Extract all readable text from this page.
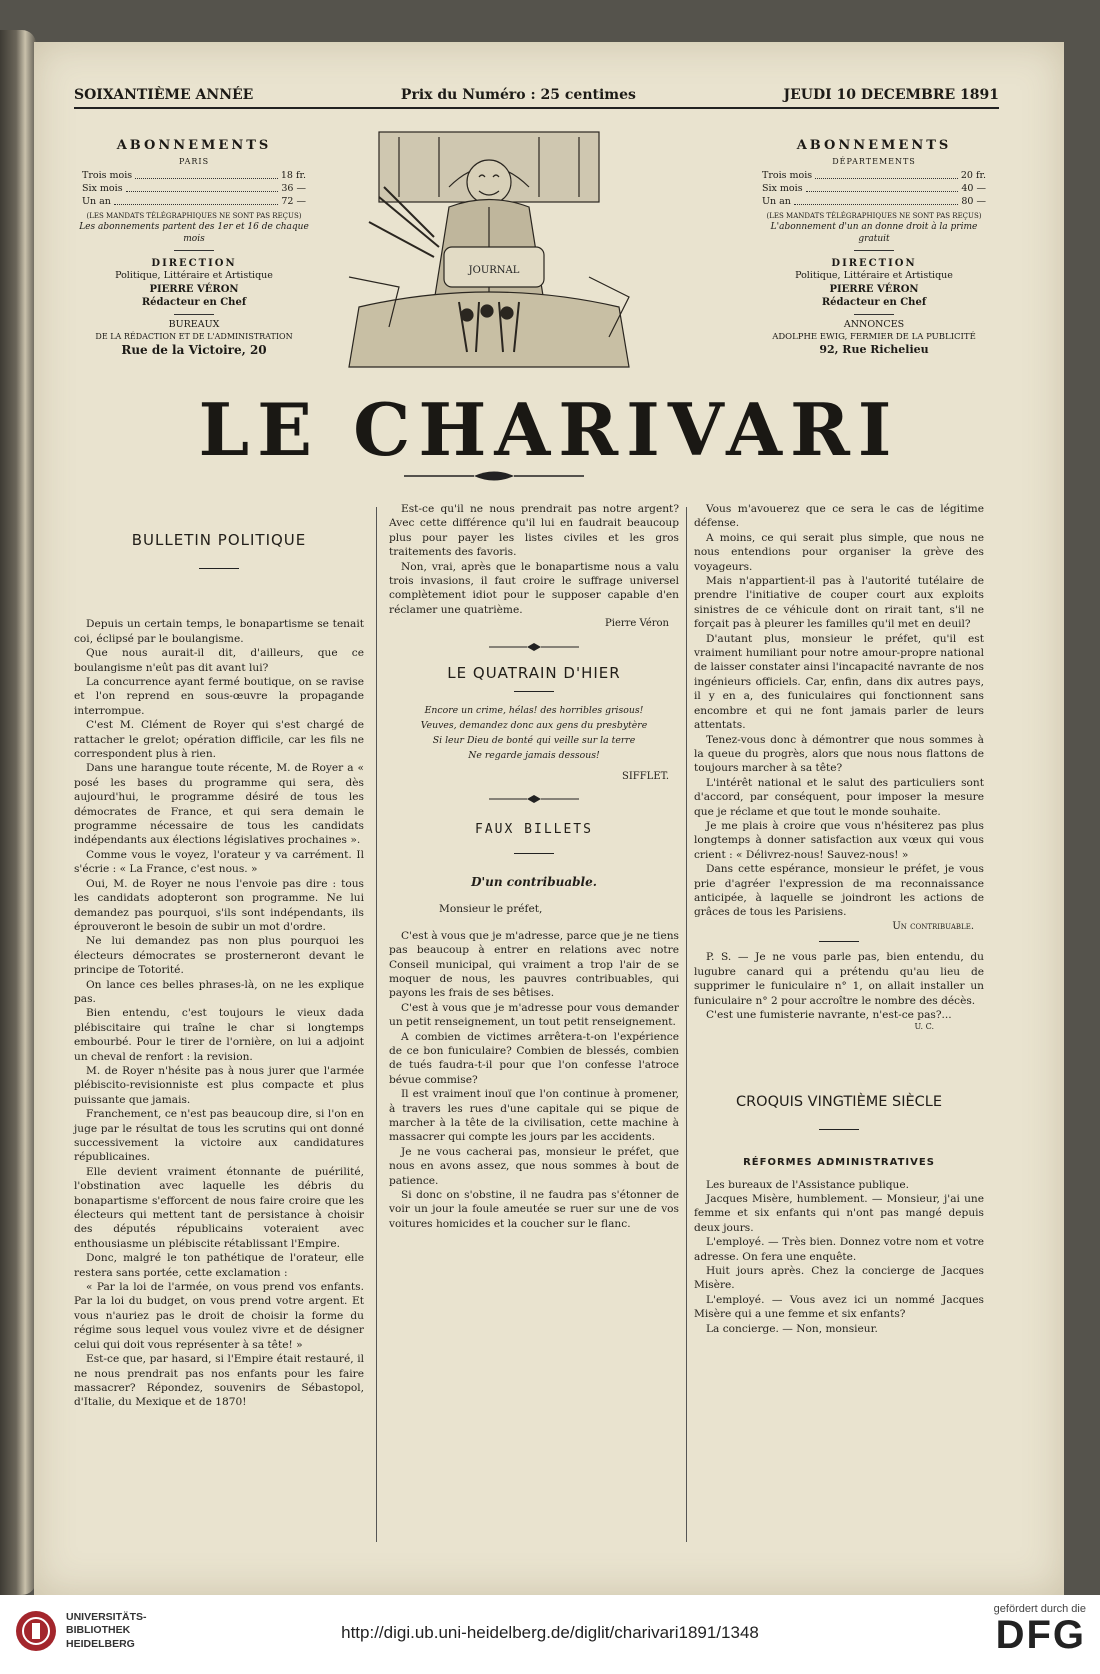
SOIXANTIÈME ANNÉE	Prix du Numéro : 25 centimes	JEUDI 10 DECEMBRE 1891
ABONNEMENTS
PARIS
Trois mois	18 fr.
Six mois	36 —
Un an	72 —
(LES MANDATS TÉLÉGRAPHIQUES NE SONT PAS REÇUS)
Les abonnements partent des 1er et 16 de chaque mois
DIRECTION
Politique, Littéraire et Artistique
PIERRE VÉRON
Rédacteur en Chef
BUREAUX
DE LA RÉDACTION ET DE L'ADMINISTRATION
Rue de la Victoire, 20
ABONNEMENTS
DÉPARTEMENTS
Trois mois	20 fr.
Six mois	40 —
Un an	80 —
(LES MANDATS TÉLÉGRAPHIQUES NE SONT PAS REÇUS)
L'abonnement d'un an donne droit à la prime gratuit
DIRECTION
Politique, Littéraire et Artistique
PIERRE VÉRON
Rédacteur en Chef
ANNONCES
ADOLPHE EWIG, FERMIER DE LA PUBLICITÉ
92, Rue Richelieu
JOURNAL
LE CHARIVARI
BULLETIN POLITIQUE

Depuis un certain temps, le bonapartisme se tenait coi, éclipsé par le boulangisme.

Que nous aurait-il dit, d'ailleurs, que ce boulangisme n'eût pas dit avant lui?

La concurrence ayant fermé boutique, on se ravise et l'on reprend en sous-œuvre la propagande interrompue.

C'est M. Clément de Royer qui s'est chargé de rattacher le grelot; opération difficile, car les fils ne correspondent plus à rien.

Dans une harangue toute récente, M. de Royer a « posé les bases du programme qui sera, dès aujourd'hui, le programme désiré de tous les démocrates de France, et qui sera demain le programme nécessaire de tous les candidats indépendants aux élections législatives prochaines ».

Comme vous le voyez, l'orateur y va carrément. Il s'écrie : « La France, c'est nous. »

Oui, M. de Royer ne nous l'envoie pas dire : tous les candidats adopteront son programme. Ne lui demandez pas pourquoi, s'ils sont indépendants, ils éprouveront le besoin de subir un mot d'ordre.

Ne lui demandez pas non plus pourquoi les électeurs démocrates se prosterneront devant le principe de Totorité.

On lance ces belles phrases-là, on ne les explique pas.

Bien entendu, c'est toujours le vieux dada plébiscitaire qui traîne le char si longtemps embourbé. Pour le tirer de l'ornière, on lui a adjoint un cheval de renfort : la revision.

M. de Royer n'hésite pas à nous jurer que l'armée plébiscito-revisionniste est plus compacte et plus puissante que jamais.

Franchement, ce n'est pas beaucoup dire, si l'on en juge par le résultat de tous les scrutins qui ont donné successivement la victoire aux candidatures républicaines.

Elle devient vraiment étonnante de puérilité, l'obstination avec laquelle les débris du bonapartisme s'efforcent de nous faire croire que les électeurs qui mettent tant de persistance à choisir des députés républicains voteraient avec enthousiasme un plébiscite rétablissant l'Empire.

Donc, malgré le ton pathétique de l'orateur, elle restera sans portée, cette exclamation :

« Par la loi de l'armée, on vous prend vos enfants. Par la loi du budget, on vous prend votre argent. Et vous n'auriez pas le droit de choisir la forme du régime sous lequel vous voulez vivre et de désigner celui qui doit vous représenter à sa tête! »

Est-ce que, par hasard, si l'Empire était restauré, il ne nous prendrait pas nos enfants pour les faire massacrer? Répondez, souvenirs de Sébastopol, d'Italie, du Mexique et de 1870!

Est-ce qu'il ne nous prendrait pas notre argent? Avec cette différence qu'il lui en faudrait beaucoup plus pour payer les listes civiles et les gros traitements des favoris.

Non, vrai, après que le bonapartisme nous a valu trois invasions, il faut croire le suffrage universel complètement idiot pour le supposer capable d'en réclamer une quatrième.

Pierre Véron
LE QUATRAIN D'HIER
Encore un crime, hélas! des horribles grisous!
Veuves, demandez donc aux gens du presbytère
Si leur Dieu de bonté qui veille sur la terre
Ne regarde jamais dessous!
SIFFLET.
FAUX BILLETS
D'un contribuable.

Monsieur le préfet,

C'est à vous que je m'adresse, parce que je ne tiens pas beaucoup à entrer en relations avec notre Conseil municipal, qui vraiment a trop l'air de se moquer de nous, les pauvres contribuables, qui payons les frais de ses bêtises.

C'est à vous que je m'adresse pour vous demander un petit renseignement, un tout petit renseignement.

A combien de victimes arrêtera-t-on l'expérience de ce bon funiculaire? Combien de blessés, combien de tués faudra-t-il pour que l'on confesse l'atroce bévue commise?

Il est vraiment inouï que l'on continue à promener, à travers les rues d'une capitale qui se pique de marcher à la tête de la civilisation, cette machine à massacrer qui compte les jours par les accidents.

Je ne vous cacherai pas, monsieur le préfet, que nous en avons assez, que nous sommes à bout de patience.

Si donc on s'obstine, il ne faudra pas s'étonner de voir un jour la foule ameutée se ruer sur une de vos voitures homicides et la coucher sur le flanc.

Vous m'avouerez que ce sera le cas de légitime défense.

A moins, ce qui serait plus simple, que nous ne nous entendions pour organiser la grève des voyageurs.

Mais n'appartient-il pas à l'autorité tutélaire de prendre l'initiative de couper court aux exploits sinistres de ce véhicule dont on rirait tant, s'il ne forçait pas à pleurer les familles qu'il met en deuil?

D'autant plus, monsieur le préfet, qu'il est vraiment humiliant pour notre amour-propre national de laisser constater ainsi l'incapacité navrante de nos ingénieurs officiels. Car, enfin, dans dix autres pays, il y en a, des funiculaires qui fonctionnent sans encombre et qui ne font jamais parler de leurs attentats.

Tenez-vous donc à démontrer que nous sommes à la queue du progrès, alors que nous nous flattons de toujours marcher à sa tête?

L'intérêt national et le salut des particuliers sont d'accord, par conséquent, pour imposer la mesure que je réclame et que tout le monde souhaite.

Je me plais à croire que vous n'hésiterez pas plus longtemps à donner satisfaction aux vœux qui vous crient : « Délivrez-nous! Sauvez-nous! »

Dans cette espérance, monsieur le préfet, je vous prie d'agréer l'expression de ma reconnaissance anticipée, à laquelle se joindront les actions de grâces de tous les Parisiens.

Un contribuable.

P. S. — Je ne vous parle pas, bien entendu, du lugubre canard qui a prétendu qu'au lieu de supprimer le funiculaire n° 1, on allait installer un funiculaire n° 2 pour accroître le nombre des décès.

C'est une fumisterie navrante, n'est-ce pas?...

U. C.
CROQUIS VINGTIÈME SIÈCLE
RÉFORMES ADMINISTRATIVES

Les bureaux de l'Assistance publique.

Jacques Misère, humblement. — Monsieur, j'ai une femme et six enfants qui n'ont pas mangé depuis deux jours.

L'employé. — Très bien. Donnez votre nom et votre adresse. On fera une enquête.

Huit jours après. Chez la concierge de Jacques Misère.

L'employé. — Vous avez ici un nommé Jacques Misère qui a une femme et six enfants?

La concierge. — Non, monsieur.

UNIVERSITÄTS-
BIBLIOTHEK
HEIDELBERG
http://digi.ub.uni-heidelberg.de/diglit/charivari1891/1348
gefördert durch die
DFG
